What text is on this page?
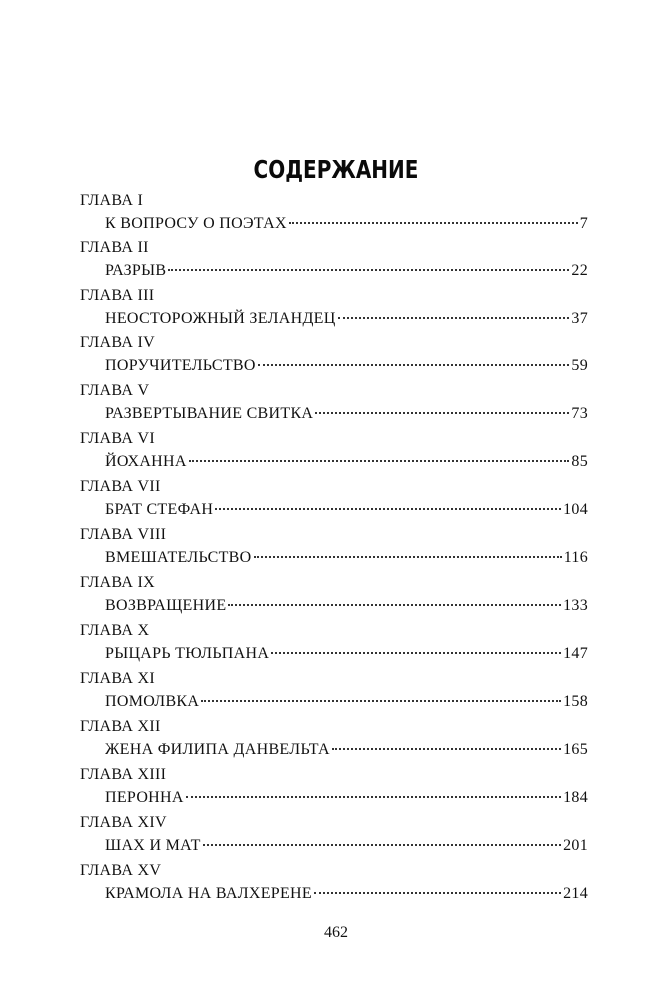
СОДЕРЖАНИЕ
ГЛАВА I
К ВОПРОСУ О ПОЭТАХ	7
ГЛАВА II
РАЗРЫВ	22
ГЛАВА III
НЕОСТОРОЖНЫЙ ЗЕЛАНДЕЦ	37
ГЛАВА IV
ПОРУЧИТЕЛЬСТВО	59
ГЛАВА V
РАЗВЕРТЫВАНИЕ СВИТКА	73
ГЛАВА VI
ЙОХАННА	85
ГЛАВА VII
БРАТ СТЕФАН	104
ГЛАВА VIII
ВМЕШАТЕЛЬСТВО	116
ГЛАВА IX
ВОЗВРАЩЕНИЕ	133
ГЛАВА X
РЫЦАРЬ ТЮЛЬПАНА	147
ГЛАВА XI
ПОМОЛВКА	158
ГЛАВА XII
ЖЕНА ФИЛИПА ДАНВЕЛЬТА	165
ГЛАВА XIII
ПЕРОННА	184
ГЛАВА XIV
ШАХ И МАТ	201
ГЛАВА XV
КРАМОЛА НА ВАЛХЕРЕНЕ	214
462
